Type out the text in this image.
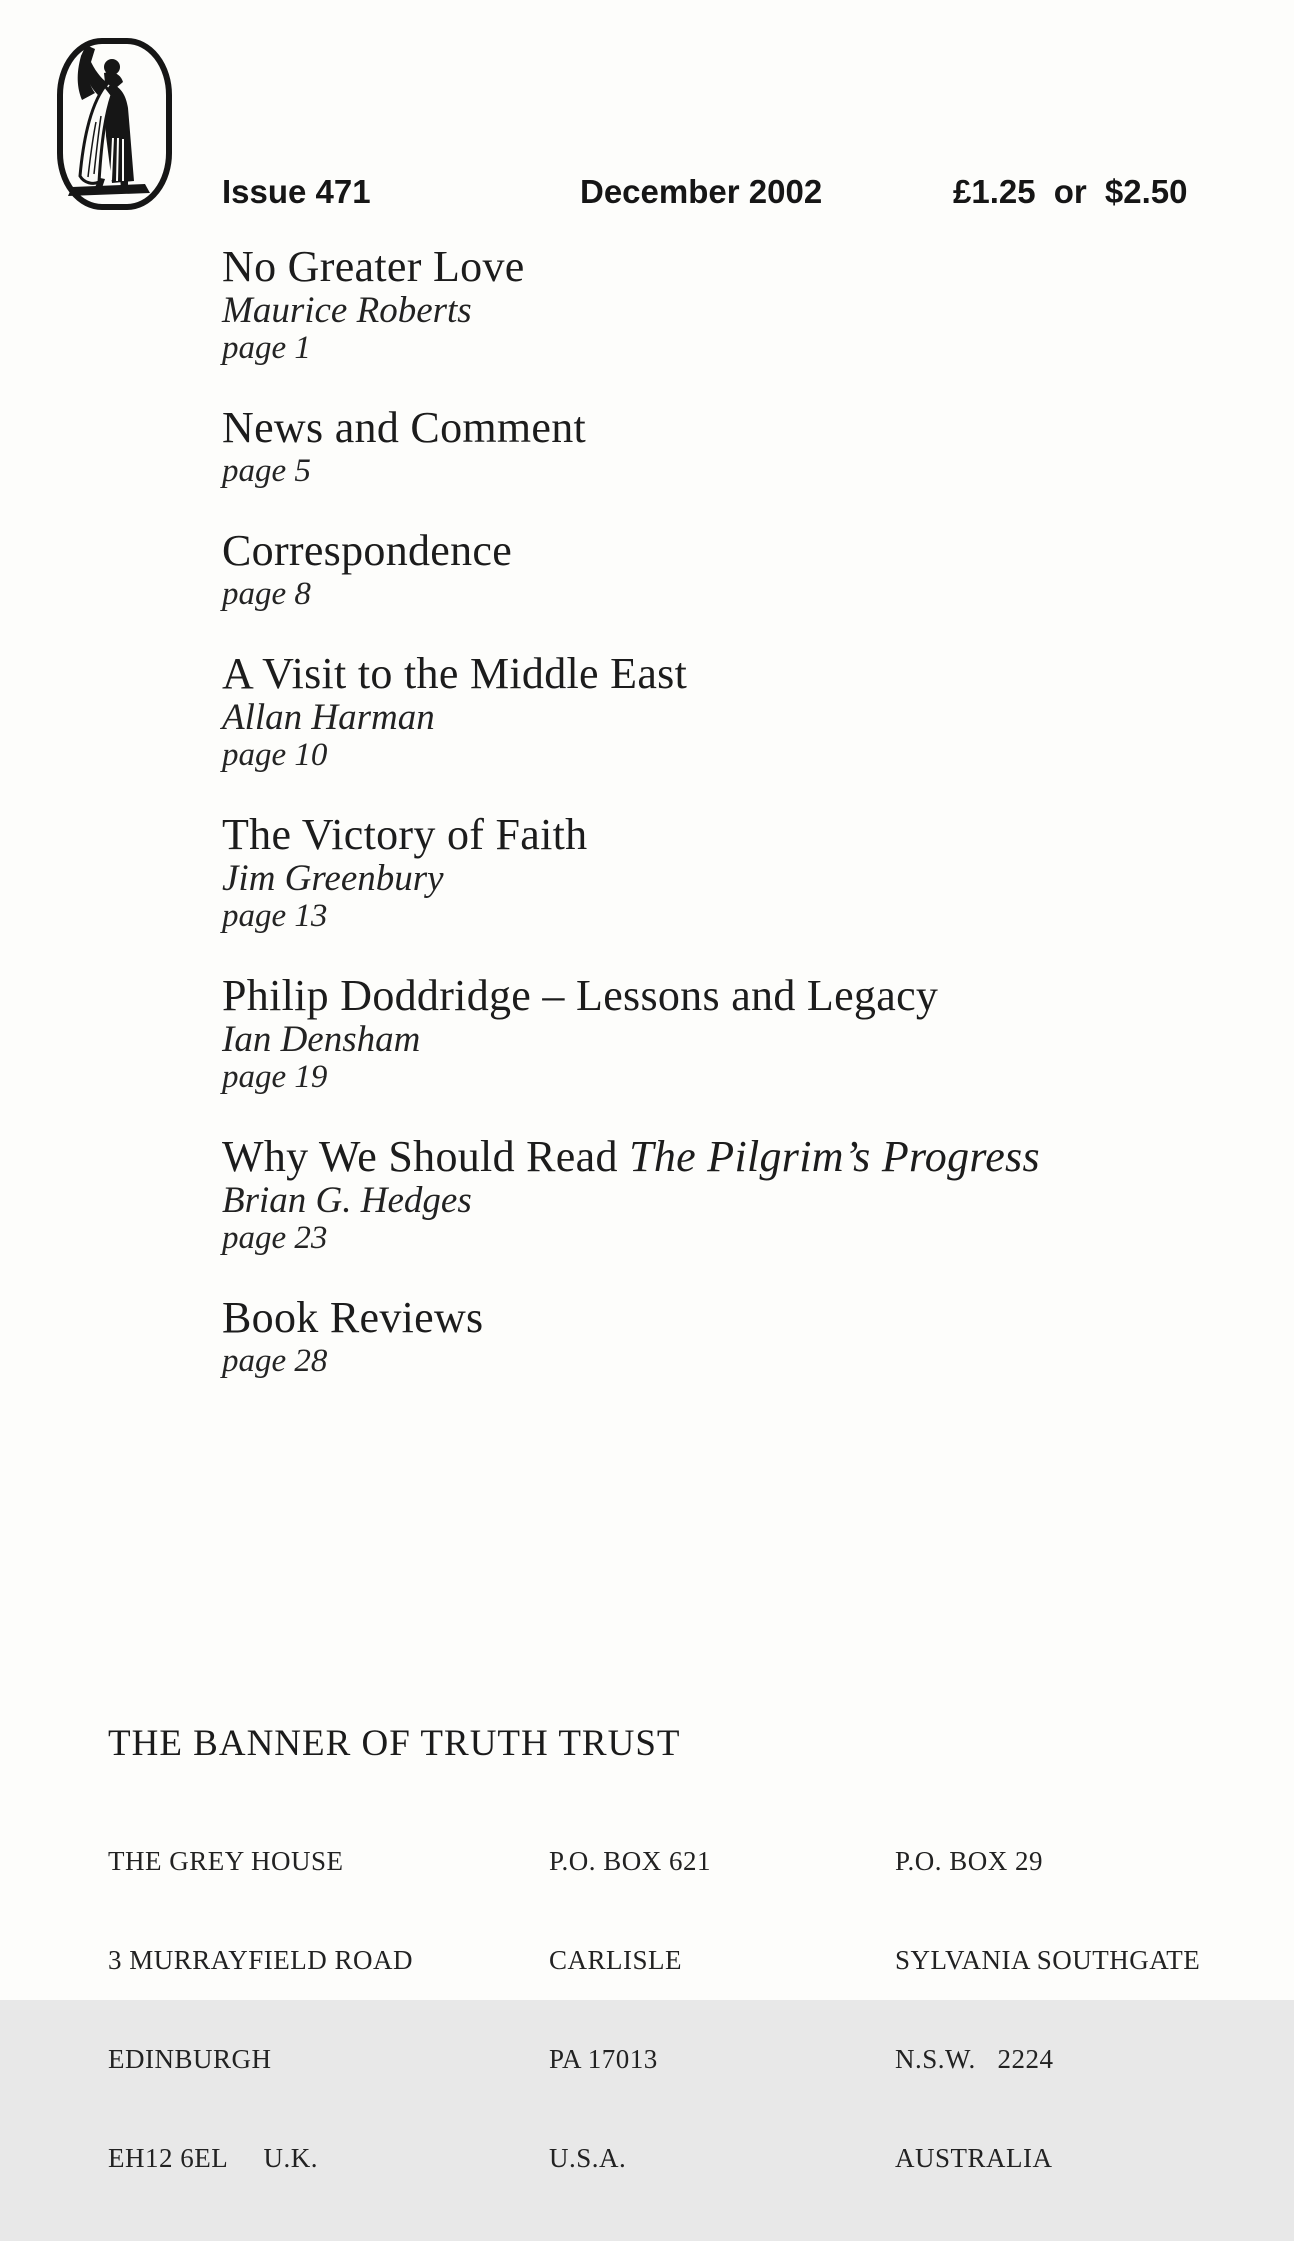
Issue 471	December 2002	£1.25 or $2.50
No Greater Love
Maurice Roberts
page 1
News and Comment
page 5
Correspondence
page 8
A Visit to the Middle East
Allan Harman
page 10
The Victory of Faith
Jim Greenbury
page 13
Philip Doddridge – Lessons and Legacy
Ian Densham
page 19
Why We Should Read The Pilgrim’s Progress
Brian G. Hedges
page 23
Book Reviews
page 28
THE BANNER OF TRUTH TRUST

THE GREY HOUSE

3 MURRAYFIELD ROAD

EDINBURGH

EH12 6EL     U.K.

P.O. BOX 621

CARLISLE

PA 17013

U.S.A.

P.O. BOX 29

SYLVANIA SOUTHGATE

N.S.W.   2224

AUSTRALIA
